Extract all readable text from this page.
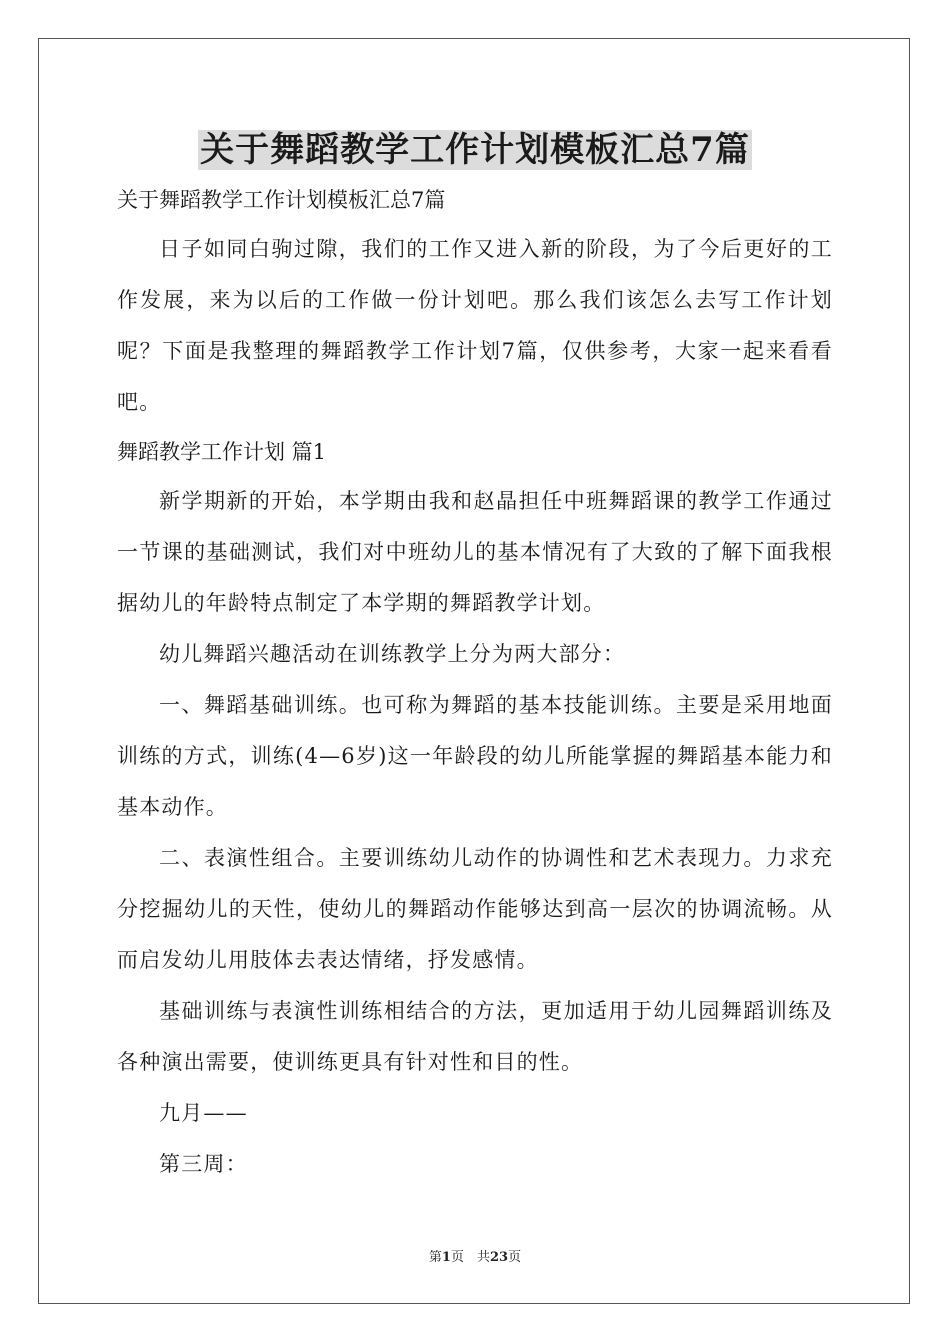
关于舞蹈教学工作计划模板汇总7篇

关于舞蹈教学工作计划模板汇总7篇

日子如同白驹过隙，我们的工作又进入新的阶段，为了今后更好的工作发展，来为以后的工作做一份计划吧。那么我们该怎么去写工作计划呢？下面是我整理的舞蹈教学工作计划7篇，仅供参考，大家一起来看看吧。

舞蹈教学工作计划 篇1

新学期新的开始，本学期由我和赵晶担任中班舞蹈课的教学工作通过一节课的基础测试，我们对中班幼儿的基本情况有了大致的了解下面我根据幼儿的年龄特点制定了本学期的舞蹈教学计划。

幼儿舞蹈兴趣活动在训练教学上分为两大部分：

一、舞蹈基础训练。也可称为舞蹈的基本技能训练。主要是采用地面训练的方式，训练(4—6岁)这一年龄段的幼儿所能掌握的舞蹈基本能力和基本动作。

二、表演性组合。主要训练幼儿动作的协调性和艺术表现力。力求充分挖掘幼儿的天性，使幼儿的舞蹈动作能够达到高一层次的协调流畅。从而启发幼儿用肢体去表达情绪，抒发感情。

基础训练与表演性训练相结合的方法，更加适用于幼儿园舞蹈训练及各种演出需要，使训练更具有针对性和目的性。

九月——

第三周：

第1页　共23页
